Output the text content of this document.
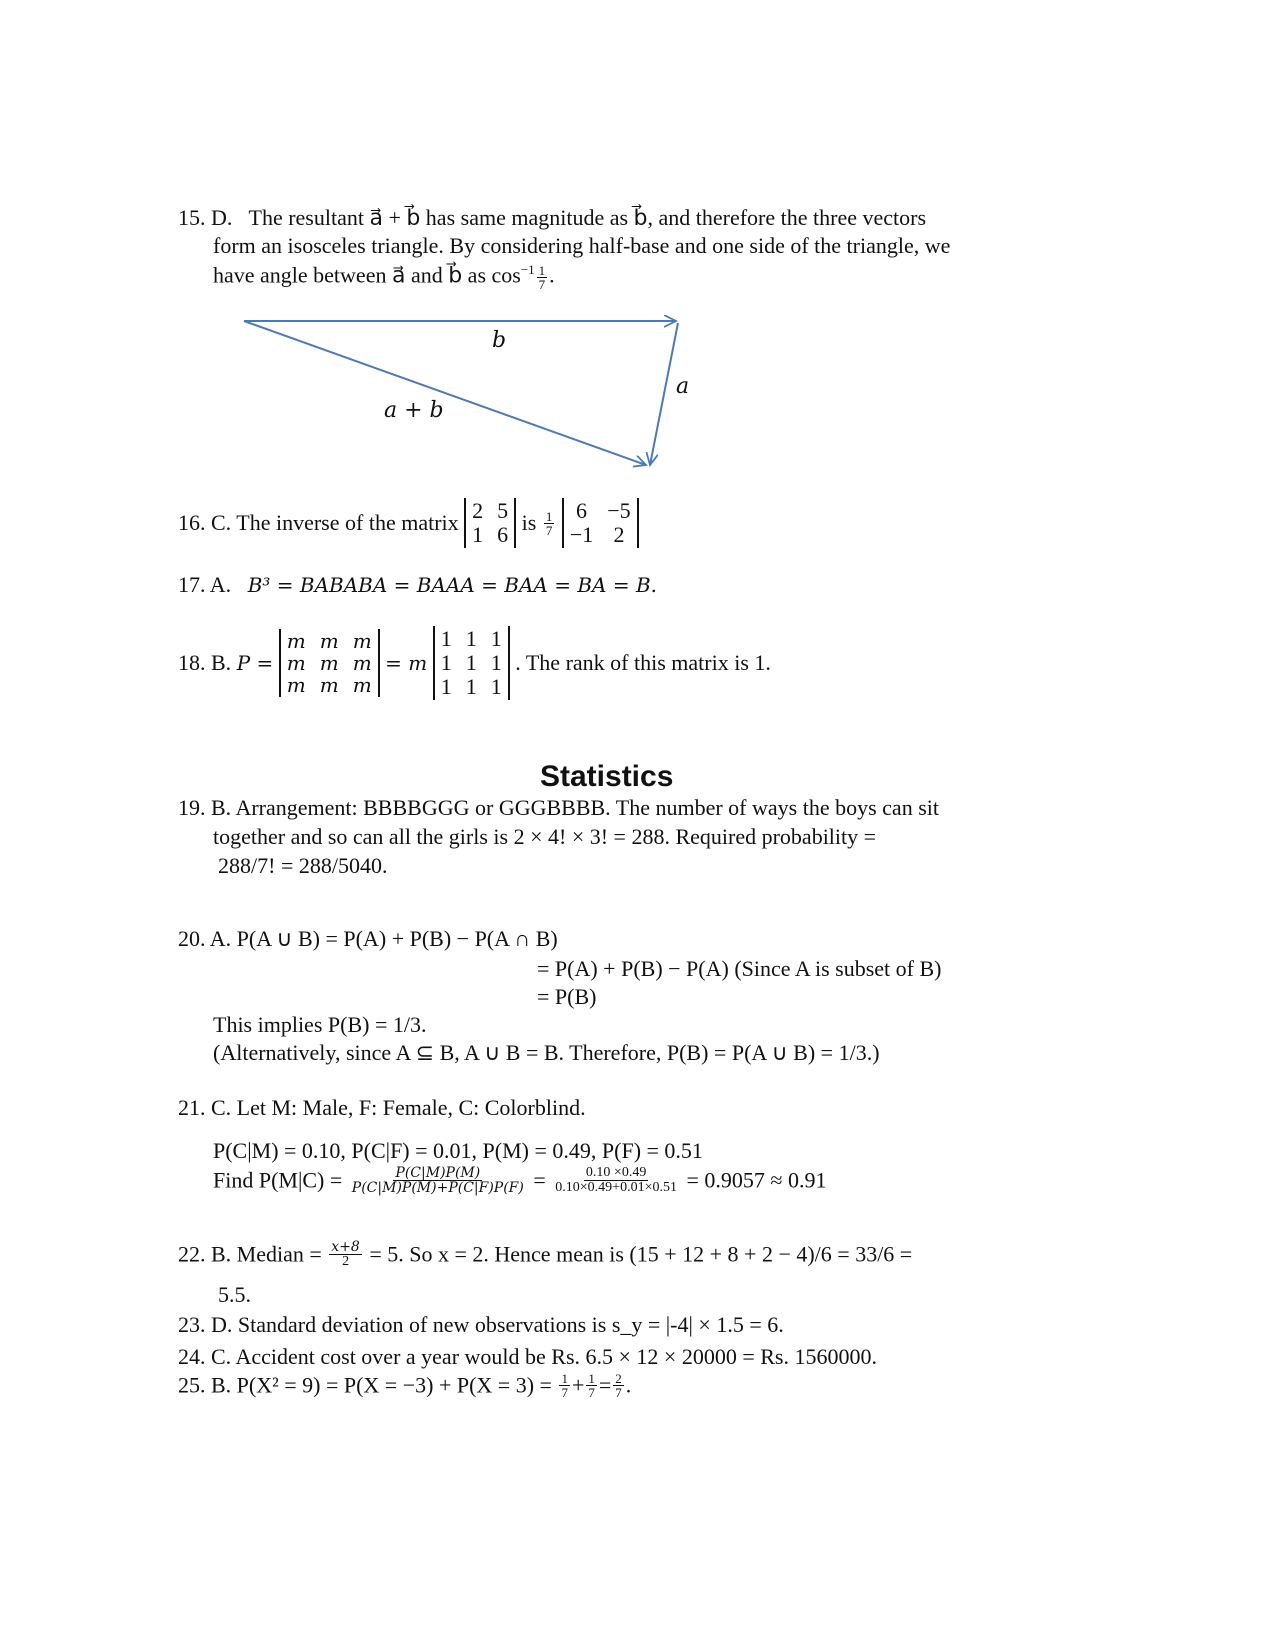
15. D. The resultant a⃗ + b⃗ has same magnitude as b⃗, and therefore the three vectors
form an isosceles triangle. By considering half-base and one side of the triangle, we
have angle between a⃗ and b⃗ as $\cos^{-1} \frac{1}{7}$ .
b
a
a + b
16. C. The inverse of the matrix 2 5
1 6 is $\frac{1}{7}$
6 −5
−1 2
17. A. B³ = BABABA = BAAA = BAA = BA = B.
18. B. P =
m m m
m m m
m m m
= m
1 1 1
1 1 1
1 1 1
. The rank of this matrix is 1.
Statistics
19. B. Arrangement: BBBBGGG or GGGBBBB. The number of ways the boys can sit
together and so can all the girls is 2 × 4! × 3! = 288. Required probability =
288/7! = 288/5040.
20. A. P(A ∪ B) = P(A) + P(B) − P(A ∩ B)
= P(A) + P(B) − P(A) (Since A is subset of B)
= P(B)
This implies P(B) = 1/3.
(Alternatively, since A ⊆ B, A ∪ B = B. Therefore, P(B) = P(A ∪ B) = 1/3.)
21. C. Let M: Male, F: Female, C: Colorblind.
P(C|M) = 0.10, P(C|F) = 0.01, P(M) = 0.49, P(F) = 0.51
Find $P(M|C) = \frac{P(C|M)P(M)}{P(C|M)P(M)+P(C|F)P(F)} = \frac{0.10 \times 0.49}{0.10\times 0.49+0.01\times 0.51} = 0.9057 \approx 0.91$
22. B. Median = $\frac{x+8}{2} = 5$. So x = 2. Hence mean is (15 + 12 + 8 + 2 − 4)/6 = 33/6 =
5.5.
23. D. Standard deviation of new observations is s_y = |-4| × 1.5 = 6.
24. C. Accident cost over a year would be Rs. 6.5 × 12 × 20000 = Rs. 1560000.
25. B. $P(X^2 = 9) = P(X = -3) + P(X = 3) = \frac{1}{7} + \frac{1}{7} = \frac{2}{7}$ .
